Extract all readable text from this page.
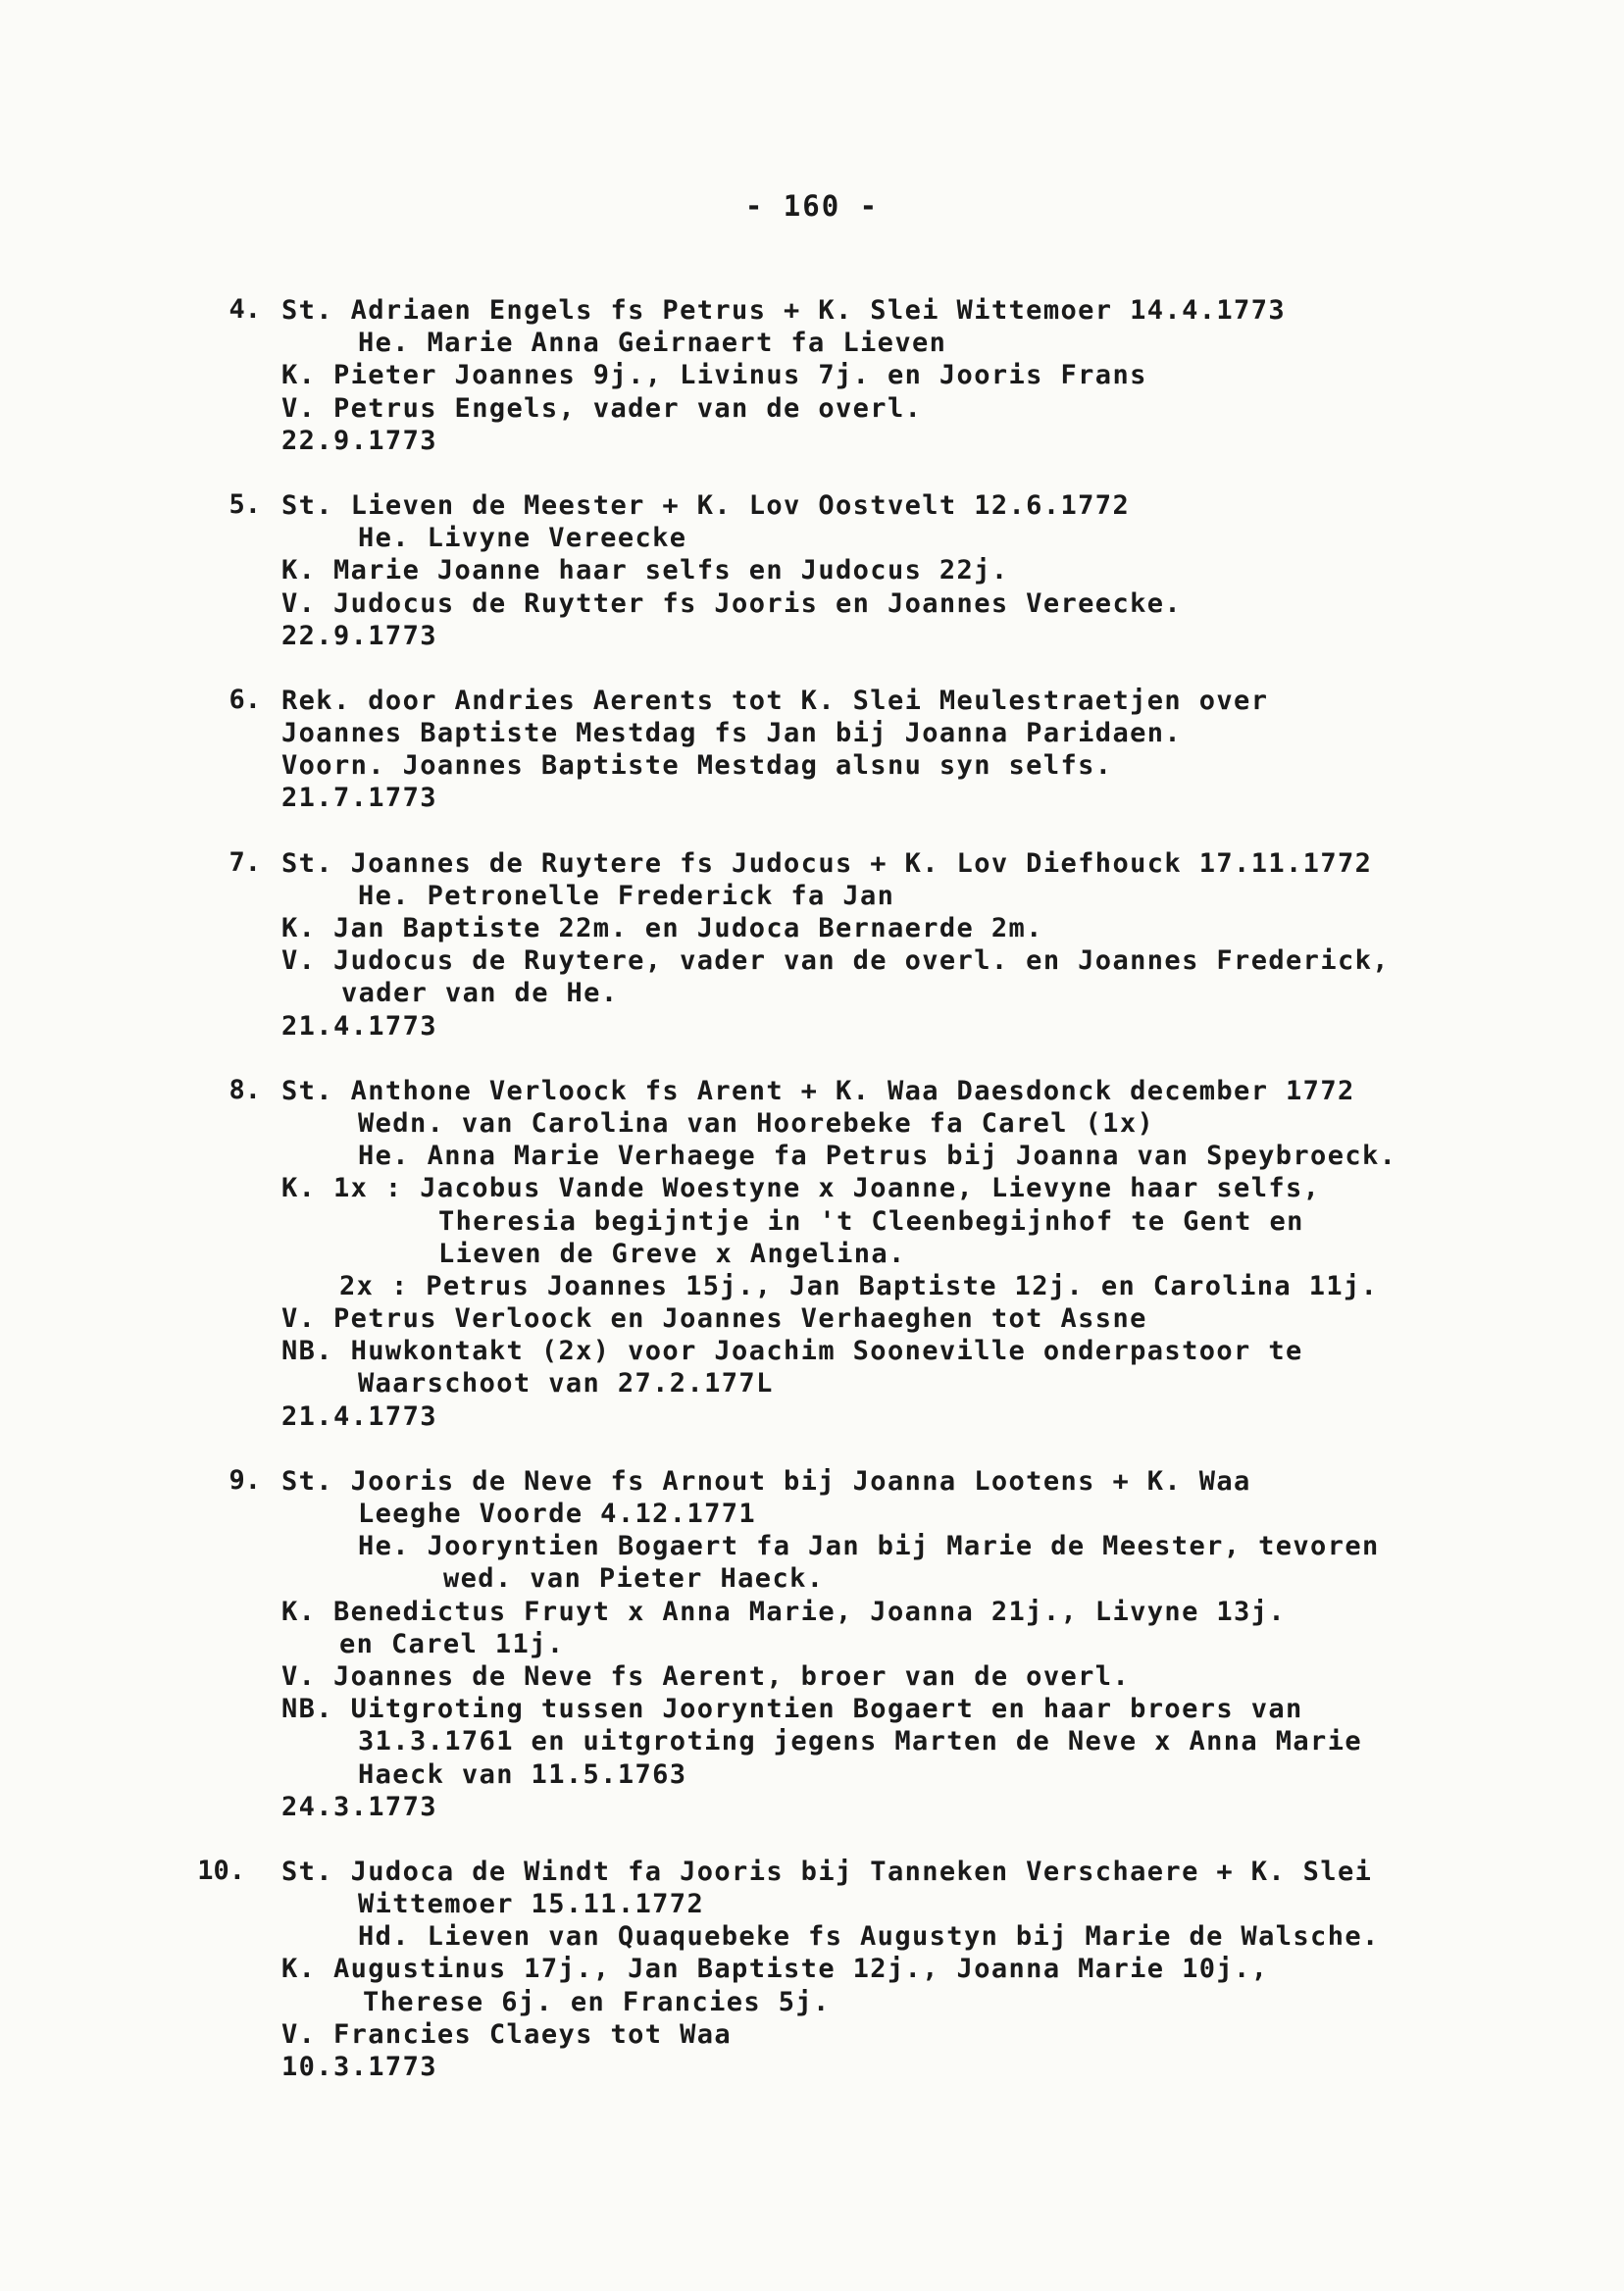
- 160 -
4. St. Adriaen Engels fs Petrus + K. Slei Wittemoer 14.4.1773
He. Marie Anna Geirnaert fa Lieven
K. Pieter Joannes 9j., Livinus 7j. en Jooris Frans
V. Petrus Engels, vader van de overl.
22.9.1773
5. St. Lieven de Meester + K. Lov Oostvelt 12.6.1772
He. Livyne Vereecke
K. Marie Joanne haar selfs en Judocus 22j.
V. Judocus de Ruytter fs Jooris en Joannes Vereecke.
22.9.1773
6. Rek. door Andries Aerents tot K. Slei Meulestraetjen over
Joannes Baptiste Mestdag fs Jan bij Joanna Paridaen.
Voorn. Joannes Baptiste Mestdag alsnu syn selfs.
21.7.1773
7. St. Joannes de Ruytere fs Judocus + K. Lov Diefhouck 17.11.1772
He. Petronelle Frederick fa Jan
K. Jan Baptiste 22m. en Judoca Bernaerde 2m.
V. Judocus de Ruytere, vader van de overl. en Joannes Frederick,
vader van de He.
21.4.1773
8. St. Anthone Verloock fs Arent + K. Waa Daesdonck december 1772
Wedn. van Carolina van Hoorebeke fa Carel (1x)
He. Anna Marie Verhaege fa Petrus bij Joanna van Speybroeck.
K. 1x : Jacobus Vande Woestyne x Joanne, Lievyne haar selfs,
Theresia begijntje in 't Cleenbegijnhof te Gent en
Lieven de Greve x Angelina.
2x : Petrus Joannes 15j., Jan Baptiste 12j. en Carolina 11j.
V. Petrus Verloock en Joannes Verhaeghen tot Assne
NB. Huwkontakt (2x) voor Joachim Sooneville onderpastoor te
Waarschoot van 27.2.177L
21.4.1773
9. St. Jooris de Neve fs Arnout bij Joanna Lootens + K. Waa
Leeghe Voorde 4.12.1771
He. Jooryntien Bogaert fa Jan bij Marie de Meester, tevoren
wed. van Pieter Haeck.
K. Benedictus Fruyt x Anna Marie, Joanna 21j., Livyne 13j.
en Carel 11j.
V. Joannes de Neve fs Aerent, broer van de overl.
NB. Uitgroting tussen Jooryntien Bogaert en haar broers van
31.3.1761 en uitgroting jegens Marten de Neve x Anna Marie
Haeck van 11.5.1763
24.3.1773
10.	St. Judoca de Windt fa Jooris bij Tanneken Verschaere + K. Slei
Wittemoer 15.11.1772
Hd. Lieven van Quaquebeke fs Augustyn bij Marie de Walsche.
K. Augustinus 17j., Jan Baptiste 12j., Joanna Marie 10j.,
Therese 6j. en Francies 5j.
V. Francies Claeys tot Waa
10.3.1773
